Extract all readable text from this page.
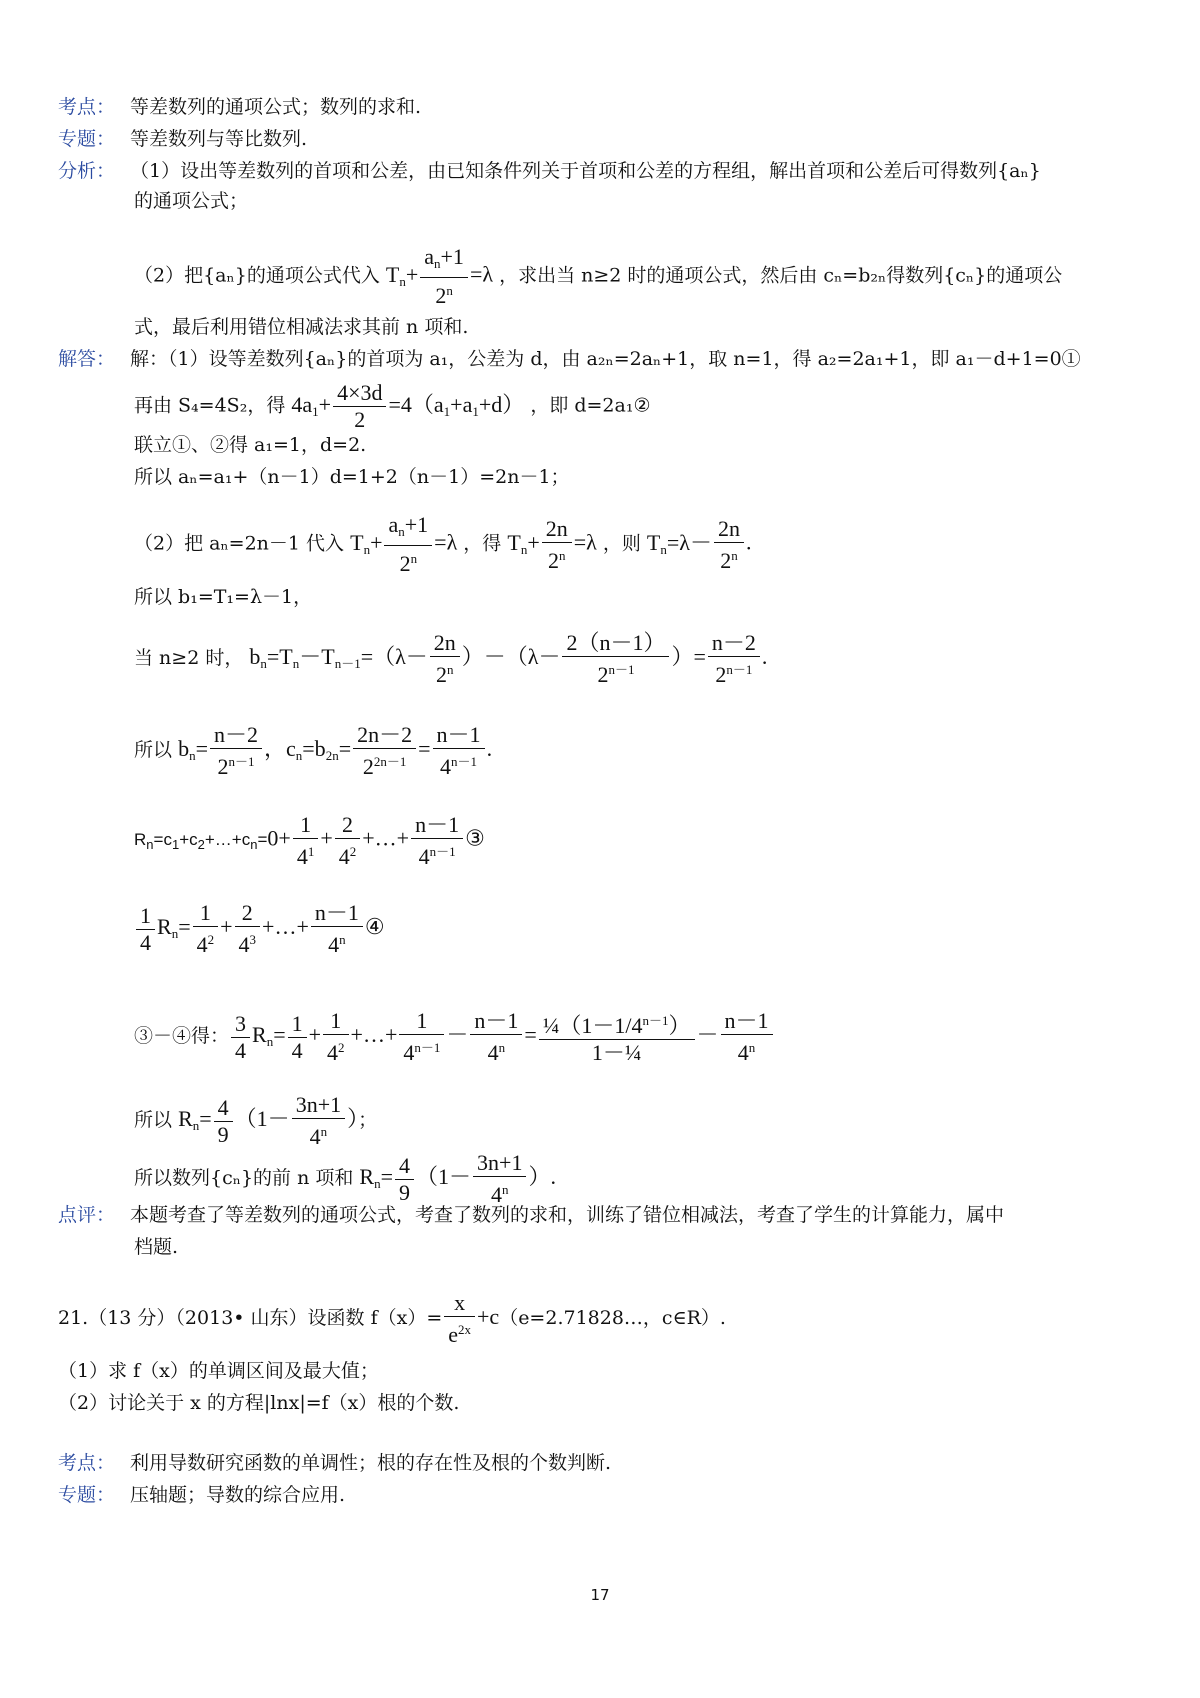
考点： 等差数列的通项公式；数列的求和.
专题： 等差数列与等比数列.
分析： （1）设出等差数列的首项和公差，由已知条件列关于首项和公差的方程组，解出首项和公差后可得数列{aₙ}
的通项公式；
（2）把{aₙ}的通项公式代入 $T_n+ \frac{a_n+1}{2^n} =\lambda$ ，求出当 n≥2 时的通项公式，然后由 cₙ=b₂ₙ得数列{cₙ}的通项公
式，最后利用错位相减法求其前 n 项和.
解答： 解：（1）设等差数列{aₙ}的首项为 a₁，公差为 d，由 a₂ₙ=2aₙ+1，取 n=1，得 a₂=2a₁+1，即 a₁－d+1=0①
再由 S₄=4S₂，得 $4a_1+ \frac{4\times 3d}{2} =4(a_1+a_1+d)$ ，即 d=2a₁②
联立①、②得 a₁=1，d=2.
所以 aₙ=a₁+（n－1）d=1+2（n－1）=2n－1；
（2）把 aₙ=2n－1 代入 $T_n+ \frac{a_n+1}{2^n} =\lambda$ ，得 $T_n+ \frac{2n}{2^n} =\lambda$ ，则 $T_n=\lambda- \frac{2n}{2^n}$ .
所以 b₁=T₁=λ－1，
当 n≥2 时， $b_n=T_n-T_{n-1}=(\lambda- \frac{2n}{2^n} )-(\lambda- \frac{2(n-1)}{2^{n-1}}$ ）= $\frac{n-2}{2^{n-1}}$ .
所以 $b_n= \frac{n-2}{2^{n-1}}$ ，$c_n=b_{2n}= \frac{2n-2}{2^{2n-1}} = \frac{n-1}{4^{n-1}}$ .
$R_n=c_1+c_2+\dots+c_n=0+ \frac{1}{4^1} + \frac{2}{4^2}$ +…+ $\frac{n-1}{4^{n-1}}$ ③
$\frac{1}{4} R_n= \frac{1}{4^2} + \frac{2}{4^3}$ +…+ $\frac{n-1}{4^n}$ ④
③－④得： $\frac{3}{4} R_n= \frac{1}{4} + \frac{1}{4^2}$ +…+ $\frac{1}{4^{n-1}} - \frac{n-1}{4^n} = \frac{\frac{1}{4}(1-1/4^{n-1})}{\text{1－¼}} - \frac{n-1}{4^n}$
所以 $R_n= \frac{4}{9} (1- \frac{3n+1}{4^n}$ ）；
所以数列{cₙ}的前 n 项和 $R_n= \frac{4}{9} (1- \frac{3n+1}{4^n}$ ）.
点评： 本题考查了等差数列的通项公式，考查了数列的求和，训练了错位相减法，考查了学生的计算能力，属中
档题.
21.（13 分）（2013• 山东）设函数 $f(x)= \frac{x}{e^{2x}}$ +c（e=2.71828…，c∈R）.
（1）求 f（x）的单调区间及最大值；
（2）讨论关于 x 的方程|lnx|=f（x）根的个数.
考点： 利用导数研究函数的单调性；根的存在性及根的个数判断.
专题： 压轴题；导数的综合应用.
17
